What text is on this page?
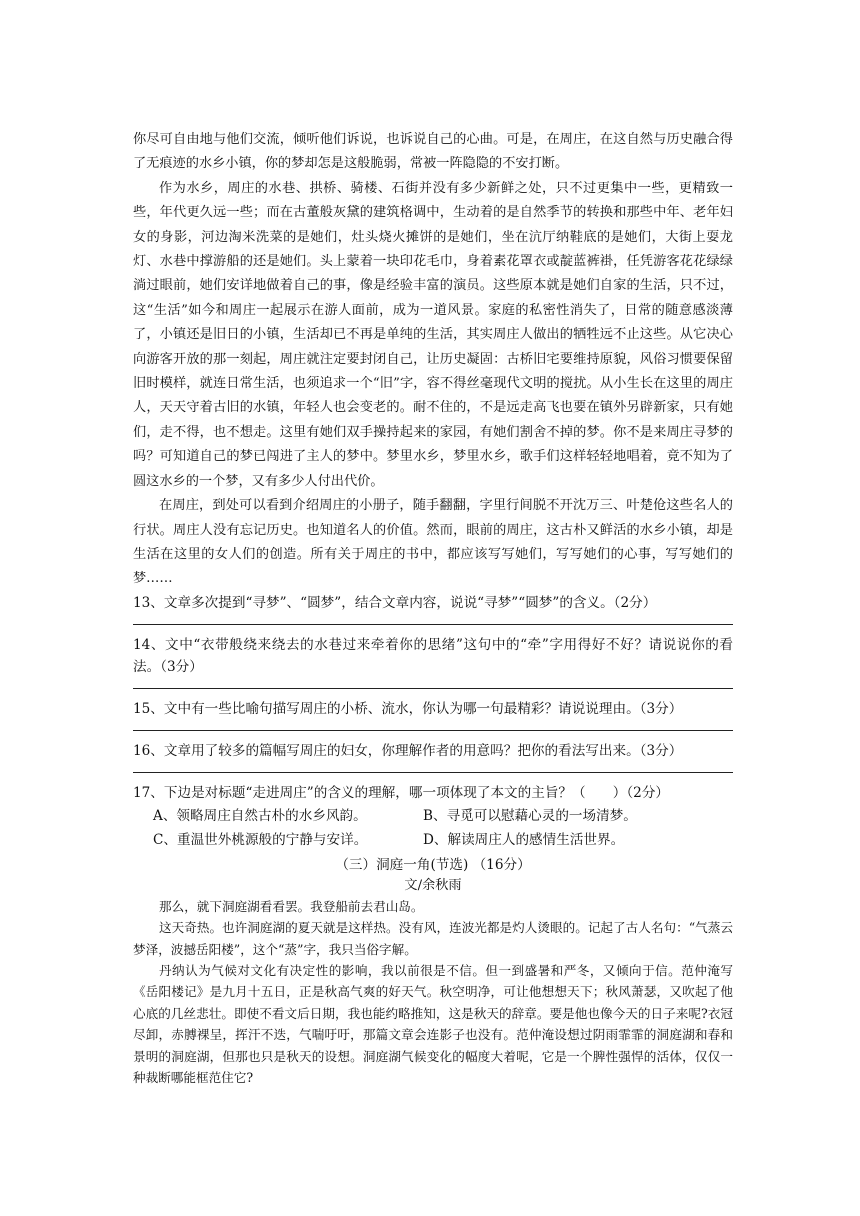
你尽可自由地与他们交流，倾听他们诉说，也诉说自己的心曲。可是，在周庄，在这自然与历史融合得了无痕迹的水乡小镇，你的梦却怎是这般脆弱，常被一阵隐隐的不安打断。

作为水乡，周庄的水巷、拱桥、骑楼、石街并没有多少新鲜之处，只不过更集中一些，更精致一些，年代更久远一些；而在古董般灰黛的建筑格调中，生动着的是自然季节的转换和那些中年、老年妇女的身影，河边淘米洗菜的是她们，灶头烧火摊饼的是她们，坐在沆厅纳鞋底的是她们，大街上耍龙灯、水巷中撑游船的还是她们。头上蒙着一块印花毛巾，身着素花罩衣或靛蓝裤褂，任凭游客花花绿绿淌过眼前，她们安详地做着自己的事，像是经验丰富的演员。这些原本就是她们自家的生活，只不过，这“生活”如今和周庄一起展示在游人面前，成为一道风景。家庭的私密性消失了，日常的随意感淡薄了，小镇还是旧日的小镇，生活却已不再是单纯的生活，其实周庄人做出的牺牲远不止这些。从它决心向游客开放的那一刻起，周庄就注定要封闭自己，让历史凝固：古桥旧宅要维持原貌，风俗习惯要保留旧时模样，就连日常生活，也须追求一个“旧”字，容不得丝毫现代文明的搅扰。从小生长在这里的周庄人，天天守着古旧的水镇，年轻人也会变老的。耐不住的，不是远走高飞也要在镇外另辟新家，只有她们，走不得，也不想走。这里有她们双手操持起来的家园，有她们割舍不掉的梦。你不是来周庄寻梦的吗？可知道自己的梦已闯进了主人的梦中。梦里水乡，梦里水乡，歌手们这样轻轻地唱着，竟不知为了圆这水乡的一个梦，又有多少人付出代价。

在周庄，到处可以看到介绍周庄的小册子，随手翻翻，字里行间脱不开沈万三、叶楚伧这些名人的行状。周庄人没有忘记历史。也知道名人的价值。然而，眼前的周庄，这古朴又鲜活的水乡小镇，却是生活在这里的女人们的创造。所有关于周庄的书中，都应该写写她们，写写她们的心事，写写她们的梦……

13、文章多次提到“寻梦”、“圆梦”，结合文章内容，说说“寻梦”“圆梦”的含义。（2分）

14、文中“衣带般绕来绕去的水巷过来牵着你的思绪”这句中的“牵”字用得好不好？请说说你的看法。（3分）

15、文中有一些比喻句描写周庄的小桥、流水，你认为哪一句最精彩？请说说理由。（3分）

16、文章用了较多的篇幅写周庄的妇女，你理解作者的用意吗？把你的看法写出来。（3分）

17、下边是对标题“走进周庄”的含义的理解，哪一项体现了本文的主旨？（　　）（2分）

A、领略周庄自然古朴的水乡风韵。	B、寻觅可以慰藉心灵的一场清梦。
C、重温世外桃源般的宁静与安详。	D、解读周庄人的感情生活世界。

（三）洞庭一角(节选) （16分）

文/余秋雨

那么，就下洞庭湖看看罢。我登船前去君山岛。

这天奇热。也许洞庭湖的夏天就是这样热。没有风，连波光都是灼人烫眼的。记起了古人名句：“气蒸云梦泽，波撼岳阳楼”，这个“蒸”字，我只当俗字解。

丹纳认为气候对文化有决定性的影响，我以前很是不信。但一到盛暑和严冬，又倾向于信。范仲淹写《岳阳楼记》是九月十五日，正是秋高气爽的好天气。秋空明净，可让他想想天下；秋风萧瑟，又吹起了他心底的几丝悲壮。即使不看文后日期，我也能约略推知，这是秋天的辞章。要是他也像今天的日子来呢?衣冠尽卸，赤膊裸呈，挥汗不迭，气喘吁吁，那篇文章会连影子也没有。范仲淹设想过阴雨霏霏的洞庭湖和春和景明的洞庭湖，但那也只是秋天的设想。洞庭湖气候变化的幅度大着呢，它是一个脾性强悍的活体，仅仅一种裁断哪能框范住它?
